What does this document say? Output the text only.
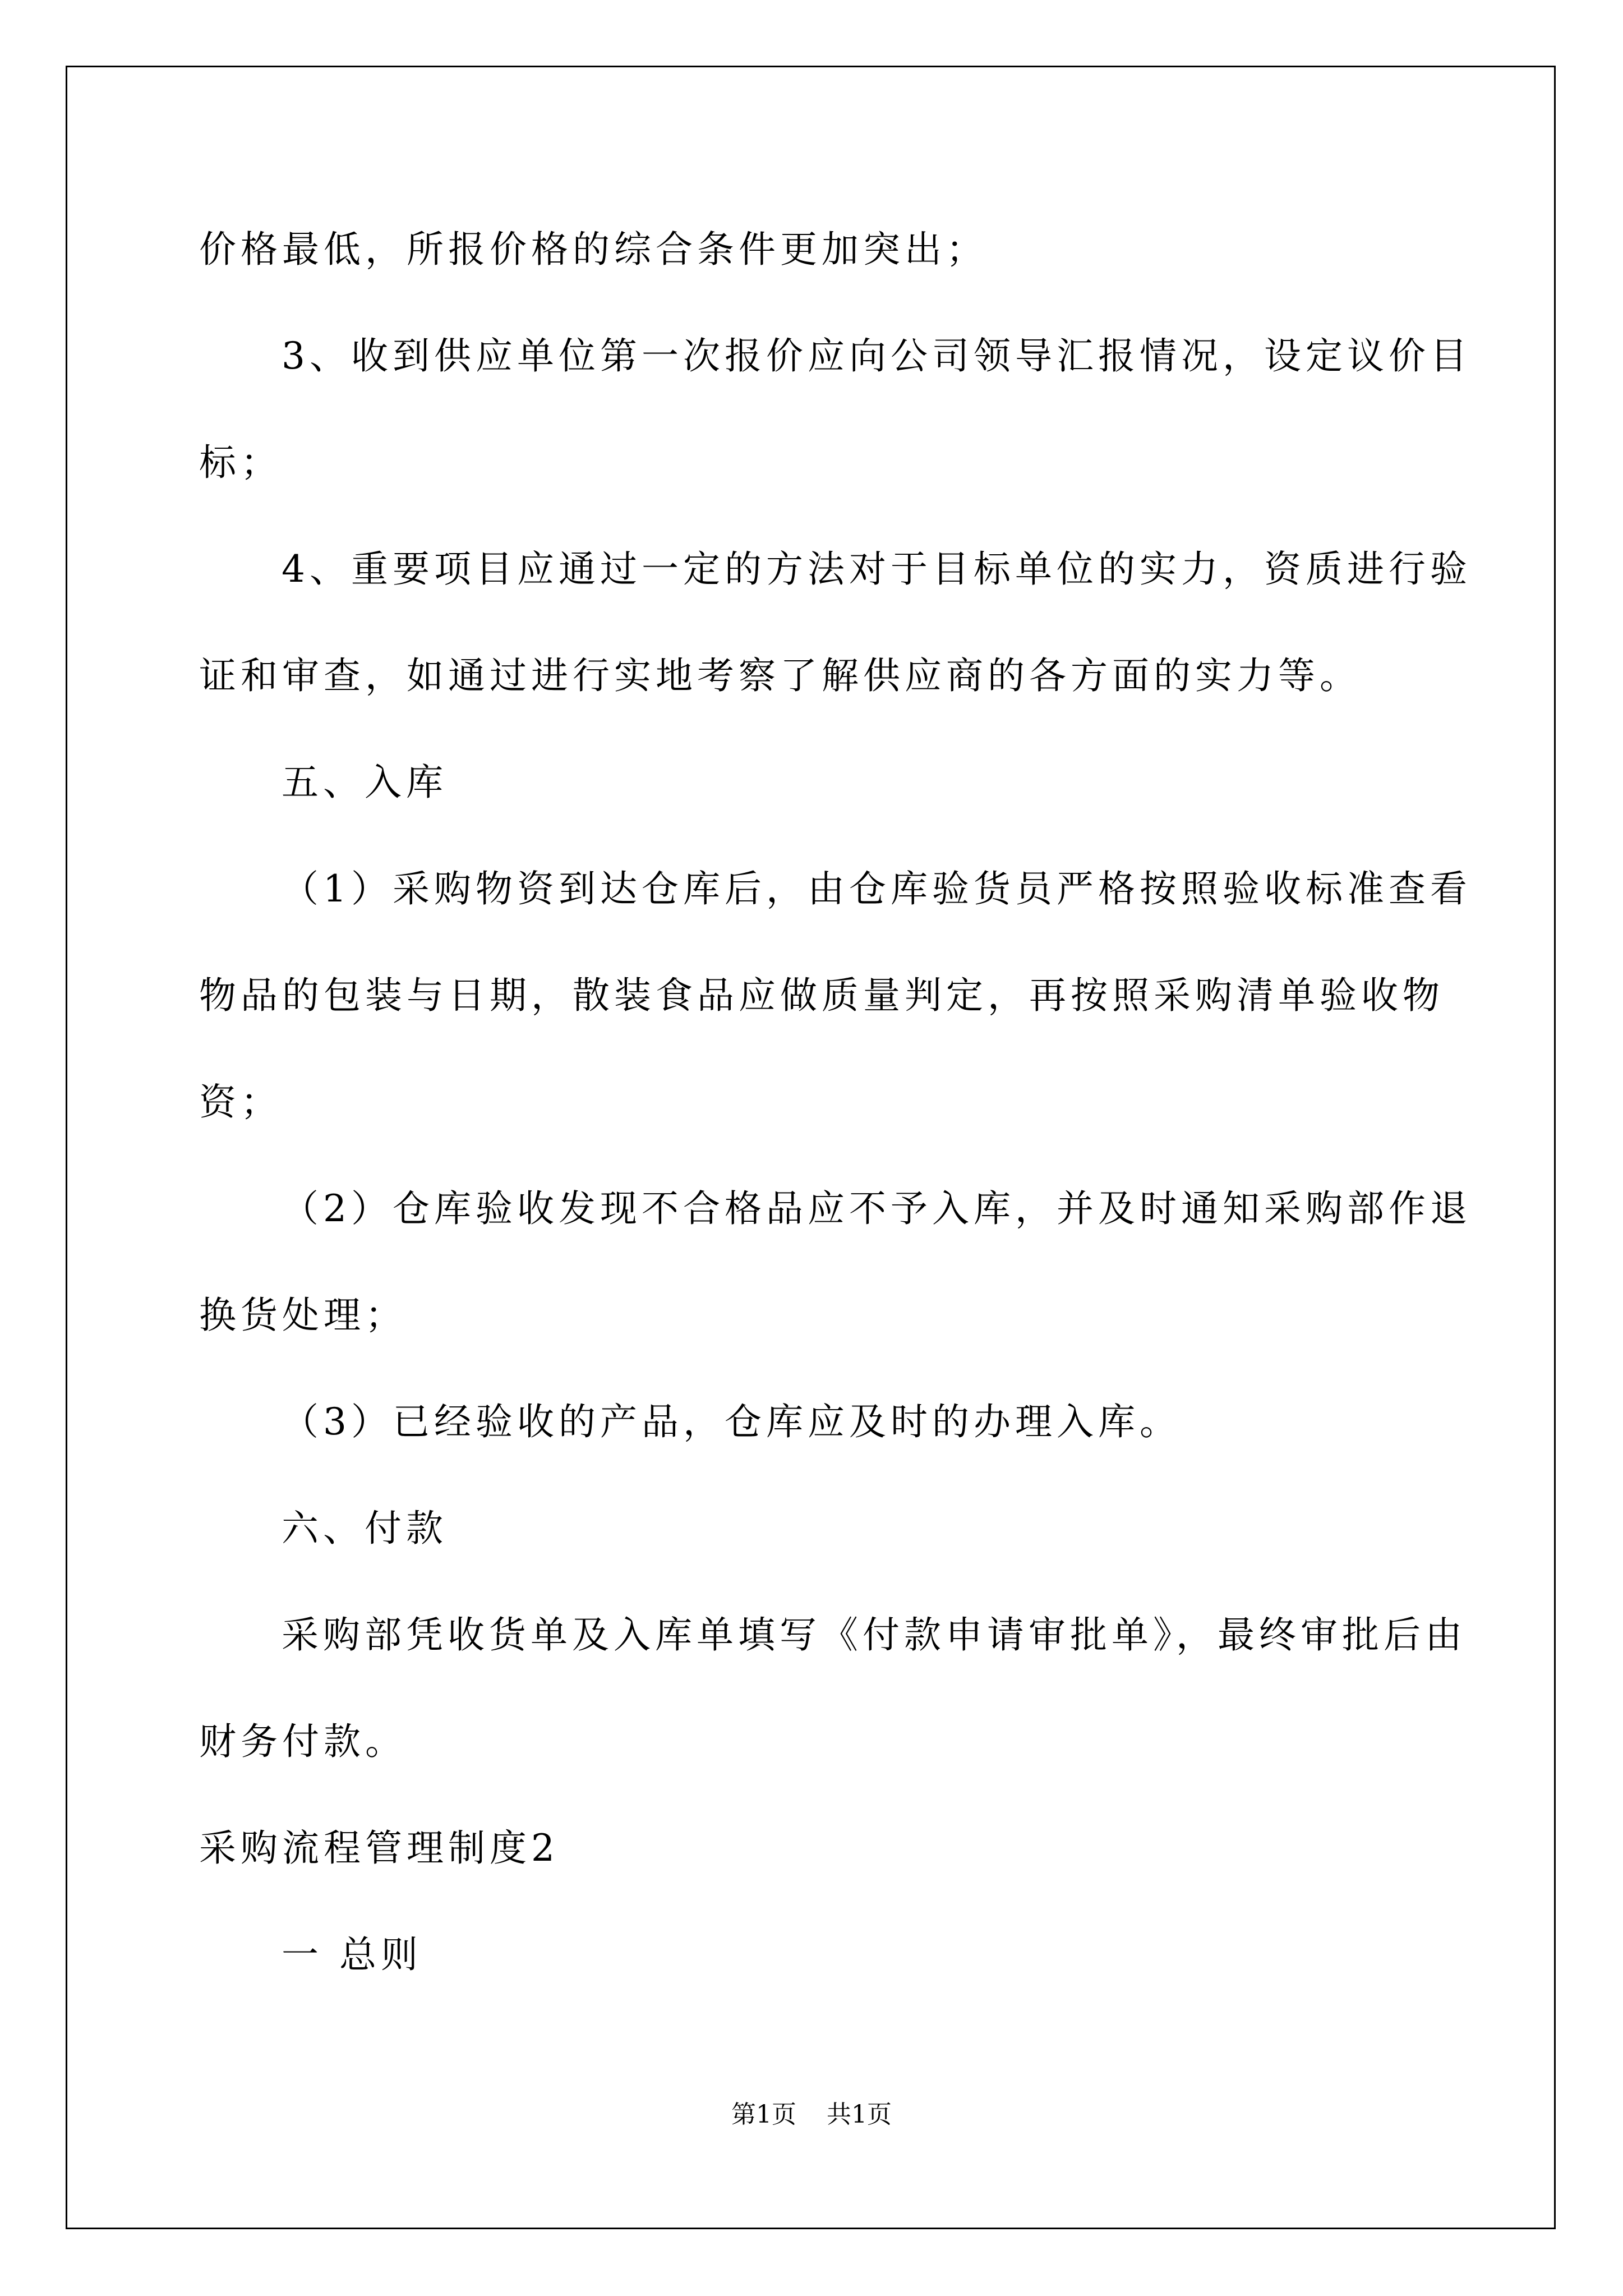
价格最低，所报价格的综合条件更加突出；
3、收到供应单位第一次报价应向公司领导汇报情况，设定议价目
标；
4、重要项目应通过一定的方法对于目标单位的实力，资质进行验
证和审查，如通过进行实地考察了解供应商的各方面的实力等。
五、入库
（1）采购物资到达仓库后，由仓库验货员严格按照验收标准查看
物品的包装与日期，散装食品应做质量判定，再按照采购清单验收物
资；
（2）仓库验收发现不合格品应不予入库，并及时通知采购部作退
换货处理；
（3）已经验收的产品，仓库应及时的办理入库。
六、付款
采购部凭收货单及入库单填写《付款申请审批单》，最终审批后由
财务付款。
采购流程管理制度2
一 总则
第1页 共1页
